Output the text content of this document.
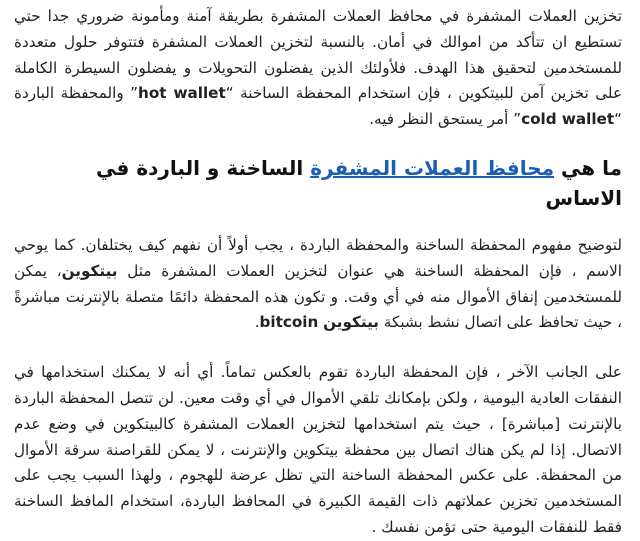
تخزين العملات المشفرة في محافظ العملات المشفرة بطريقة آمنة ومأمونة ضروري جدا حتي تستطيع ان تتأكد من اموالك في أمان. بالنسبة لتخزين العملات المشفرة فتتوفر حلول متعددة للمستخدمين لتحقيق هذا الهدف. فلأولئك الذين يفضلون التحويلات و يفضلون السيطرة الكاملة على تخزين آمن للبيتكوين ، فإن استخدام المحفظة الساخنة “hot wallet” والمحفظة الباردة “cold wallet” أمر يستحق النظر فيه.

ما هي محافظ العملات المشفرة الساخنة و الباردة في الاساس

لتوضيح مفهوم المحفظة الساخنة والمحفظة الباردة ، يجب أولاً أن نفهم كيف يختلفان. كما يوحي الاسم ، فإن المحفظة الساخنة هي عنوان لتخزين العملات المشفرة مثل بيتكوين، يمكن للمستخدمين إنفاق الأموال منه في أي وقت. و تكون هذه المحفظة دائمًا متصلة بالإنترنت مباشرةً ، حيث تحافظ على اتصال نشط بشبكة بيتكوين bitcoin.

على الجانب الآخر ، فإن المحفظة الباردة تقوم بالعكس تماماً. أي أنه لا يمكنك استخدامها في النفقات العادية اليومية ، ولكن بإمكانك تلقي الأموال في أي وقت معين. لن تتصل المحفظة الباردة بالإنترنت [مباشرة] ، حيث يتم استخدامها لتخزين العملات المشفرة كالبيتكوين في وضع عدم الاتصال. إذا لم يكن هناك اتصال بين محفظة بيتكوين والإنترنت ، لا يمكن للقراصنة سرقة الأموال من المحفظة. على عكس المحفظة الساخنة التي تظل عرضة للهجوم ، ولهذا السبب يجب على المستخدمين تخزين عملاتهم ذات القيمة الكبيرة في المحافظ الباردة، استخدام المافظ الساخنة فقط للنفقات اليومية حتى تؤمن نفسك .
